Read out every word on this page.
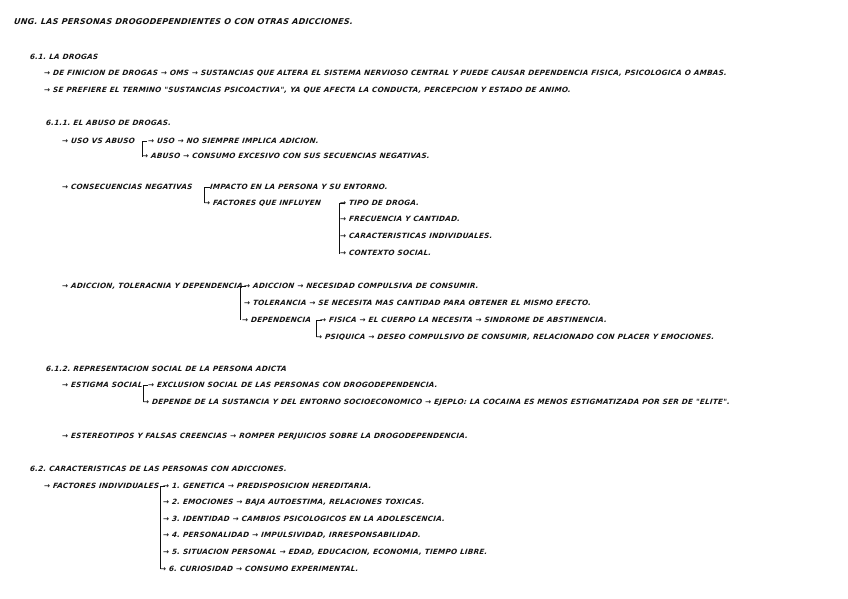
UNG. LAS PERSONAS DROGODEPENDIENTES O CON OTRAS ADICCIONES.
6.1. LA DROGAS
→ DE FINICION DE DROGAS → OMS → SUSTANCIAS QUE ALTERA EL SISTEMA NERVIOSO CENTRAL Y PUEDE CAUSAR DEPENDENCIA FISICA, PSICOLOGICA O AMBAS.
→ SE PREFIERE EL TERMINO "SUSTANCIAS PSICOACTIVA", YA QUE AFECTA LA CONDUCTA, PERCEPCION Y ESTADO DE ANIMO.
6.1.1. EL ABUSO DE DROGAS.
→ USO VS ABUSO → USO → NO SIEMPRE IMPLICA ADICION.
→ ABUSO → CONSUMO EXCESIVO CON SUS SECUENCIAS NEGATIVAS.
→ CONSECUENCIAS NEGATIVAS IMPACTO EN LA PERSONA Y SU ENTORNO.
→ FACTORES QUE INFLUYEN → TIPO DE DROGA.
→ FRECUENCIA Y CANTIDAD.
→ CARACTERISTICAS INDIVIDUALES.
→ CONTEXTO SOCIAL.
→ ADICCION, TOLERACNIA Y DEPENDENCIA → ADICCION → NECESIDAD COMPULSIVA DE CONSUMIR.
→ TOLERANCIA → SE NECESITA MAS CANTIDAD PARA OBTENER EL MISMO EFECTO.
→ DEPENDENCIA → FISICA → EL CUERPO LA NECESITA → SINDROME DE ABSTINENCIA.
→ PSIQUICA → DESEO COMPULSIVO DE CONSUMIR, RELACIONADO CON PLACER Y EMOCIONES.
6.1.2. REPRESENTACION SOCIAL DE LA PERSONA ADICTA
→ ESTIGMA SOCIAL → EXCLUSION SOCIAL DE LAS PERSONAS CON DROGODEPENDENCIA.
→ DEPENDE DE LA SUSTANCIA Y DEL ENTORNO SOCIOECONOMICO → EJEPLO: LA COCAINA ES MENOS ESTIGMATIZADA POR SER DE "ELITE".
→ ESTEREOTIPOS Y FALSAS CREENCIAS → ROMPER PERJUICIOS SOBRE LA DROGODEPENDENCIA.
6.2. CARACTERISTICAS DE LAS PERSONAS CON ADICCIONES.
→ FACTORES INDIVIDUALES → 1. GENETICA → PREDISPOSICION HEREDITARIA.
→ 2. EMOCIONES → BAJA AUTOESTIMA, RELACIONES TOXICAS.
→ 3. IDENTIDAD → CAMBIOS PSICOLOGICOS EN LA ADOLESCENCIA.
→ 4. PERSONALIDAD → IMPULSIVIDAD, IRRESPONSABILIDAD.
→ 5. SITUACION PERSONAL → EDAD, EDUCACION, ECONOMIA, TIEMPO LIBRE.
→ 6. CURIOSIDAD → CONSUMO EXPERIMENTAL.
